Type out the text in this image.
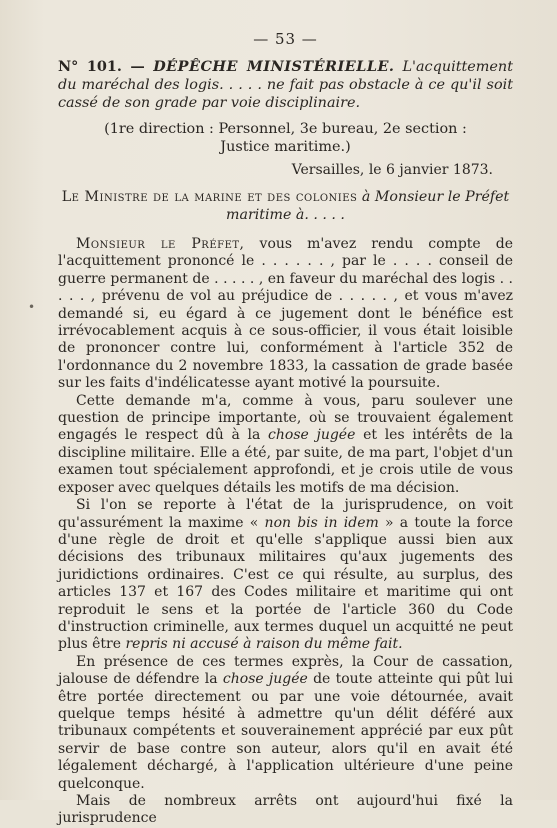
— 53 —

N° 101. — DÉPÊCHE MINISTÉRIELLE. L'acquittement du maréchal des logis. . . . . ne fait pas obstacle à ce qu'il soit cassé de son grade par voie disciplinaire.

(1re direction : Personnel, 3e bureau, 2e section : Justice maritime.)

Versailles, le 6 janvier 1873.

Le Ministre de la marine et des colonies à Monsieur le Préfet maritime à. . . . .

Monsieur le Préfet, vous m'avez rendu compte de l'acquittement prononcé le . . . . . . , par le . . . . conseil de guerre permanent de . . . . . , en faveur du maréchal des logis . . . . . , prévenu de vol au préjudice de . . . . . , et vous m'avez demandé si, eu égard à ce jugement dont le bénéfice est irrévocablement acquis à ce sous-officier, il vous était loisible de prononcer contre lui, conformément à l'article 352 de l'ordonnance du 2 novembre 1833, la cassation de grade basée sur les faits d'indélicatesse ayant motivé la poursuite.

Cette demande m'a, comme à vous, paru soulever une question de principe importante, où se trouvaient également engagés le respect dû à la chose jugée et les intérêts de la discipline militaire. Elle a été, par suite, de ma part, l'objet d'un examen tout spécialement approfondi, et je crois utile de vous exposer avec quelques détails les motifs de ma décision.

Si l'on se reporte à l'état de la jurisprudence, on voit qu'assurément la maxime « non bis in idem » a toute la force d'une règle de droit et qu'elle s'applique aussi bien aux décisions des tribunaux militaires qu'aux jugements des juridictions ordinaires. C'est ce qui résulte, au surplus, des articles 137 et 167 des Codes militaire et maritime qui ont reproduit le sens et la portée de l'article 360 du Code d'instruction criminelle, aux termes duquel un acquitté ne peut plus être repris ni accusé à raison du même fait.

En présence de ces termes exprès, la Cour de cassation, jalouse de défendre la chose jugée de toute atteinte qui pût lui être portée directement ou par une voie détournée, avait quelque temps hésité à admettre qu'un délit déféré aux tribunaux compétents et souverainement apprécié par eux pût servir de base contre son auteur, alors qu'il en avait été légalement déchargé, à l'application ultérieure d'une peine quelconque.

Mais de nombreux arrêts ont aujourd'hui fixé la jurisprudence

•
